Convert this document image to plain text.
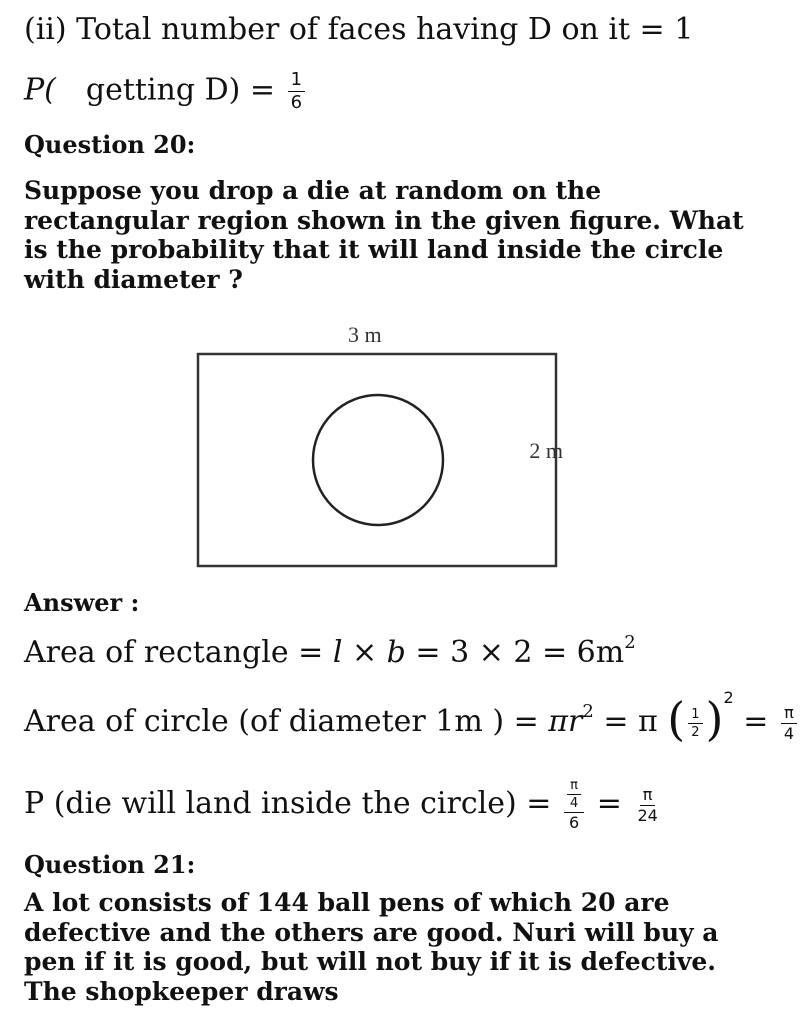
(ii) Total number of faces having D on it = 1
P( getting $D) = \frac{1}{6}$
Question 20:
Suppose you drop a die at random on the rectangular region shown in the given figure. What is the probability that it will land inside the circle with diameter ?
3 m
2 m
Answer :
Area of rectangle = $l \times b = 3 \times 2 = 6m^2$
Area of circle (of diameter 1m ) = $\pi r^2 = \pi$ ( $\frac{1}{2}$ ) 2
= $\frac{\pi}{4}$
P (die will land inside the circle) = $\frac{\frac{\pi}{4}}{6} = \frac{\pi}{24}$
Question 21:
A lot consists of 144 ball pens of which 20 are defective and the others are good. Nuri will buy a pen if it is good, but will not buy if it is defective. The shopkeeper draws
